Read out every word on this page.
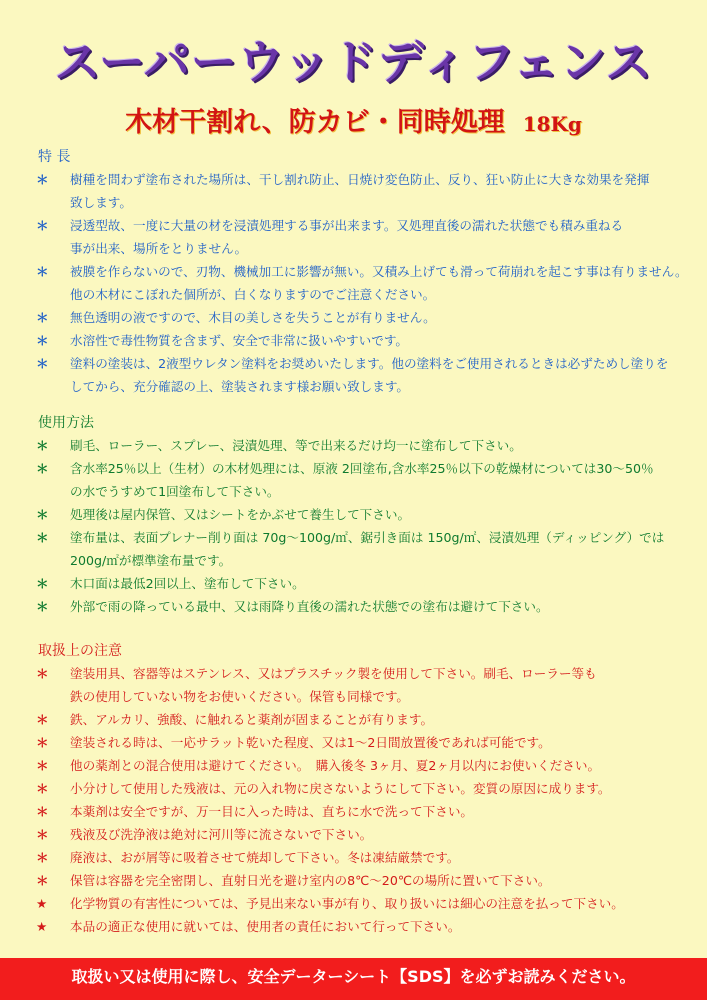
スーパーウッドディフェンス
木材干割れ、防カビ・同時処理 18Kg
特 長
＊	樹種を問わず塗布された場所は、干し割れ防止、日焼け変色防止、反り、狂い防止に大きな効果を発揮
致します。
＊	浸透型故、一度に大量の材を浸漬処理する事が出来ます。又処理直後の濡れた状態でも積み重ねる
事が出来、場所をとりません。
＊	被膜を作らないので、刃物、機械加工に影響が無い。又積み上げても滑って荷崩れを起こす事は有りません。
他の木材にこぼれた個所が、白くなりますのでご注意ください。
＊	無色透明の液ですので、木目の美しさを失うことが有りません。
＊	水溶性で毒性物質を含まず、安全で非常に扱いやすいです。
＊	塗料の塗装は、2液型ウレタン塗料をお奨めいたします。他の塗料をご使用されるときは必ずためし塗りを
してから、充分確認の上、塗装されます様お願い致します。
使用方法
＊	刷毛、ローラー、スプレー、浸漬処理、等で出来るだけ均一に塗布して下さい。
＊	含水率25％以上（生材）の木材処理には、原液 2回塗布,含水率25％以下の乾燥材については30～50％
の水でうすめて1回塗布して下さい。
＊	処理後は屋内保管、又はシートをかぶせて養生して下さい。
＊	塗布量は、表面プレナー削り面は 70g～100g/㎡、鋸引き面は 150g/㎡、浸漬処理（ディッピング）では
200g/㎡が標準塗布量です。
＊	木口面は最低2回以上、塗布して下さい。
＊	外部で雨の降っている最中、又は雨降り直後の濡れた状態での塗布は避けて下さい。
取扱上の注意
＊	塗装用具、容器等はステンレス、又はプラスチック製を使用して下さい。刷毛、ローラー等も
鉄の使用していない物をお使いください。保管も同様です。
＊	鉄、アルカリ、強酸、に触れると薬剤が固まることが有ります。
＊	塗装される時は、一応サラット乾いた程度、又は1～2日間放置後であれば可能です。
＊	他の薬剤との混合使用は避けてください。　購入後冬 3ヶ月、夏2ヶ月以内にお使いください。
＊	小分けして使用した残液は、元の入れ物に戻さないようにして下さい。変質の原因に成ります。
＊	本薬剤は安全ですが、万一目に入った時は、直ちに水で洗って下さい。
＊	残液及び洗浄液は絶対に河川等に流さないで下さい。
＊	廃液は、おが屑等に吸着させて焼却して下さい。冬は凍結厳禁です。
＊	保管は容器を完全密閉し、直射日光を避け室内の8℃～20℃の場所に置いて下さい。
★	化学物質の有害性については、予見出来ない事が有り、取り扱いには細心の注意を払って下さい。
★	本品の適正な使用に就いては、使用者の責任において行って下さい。
取扱い又は使用に際し、安全データーシート【SDS】を必ずお読みください。
